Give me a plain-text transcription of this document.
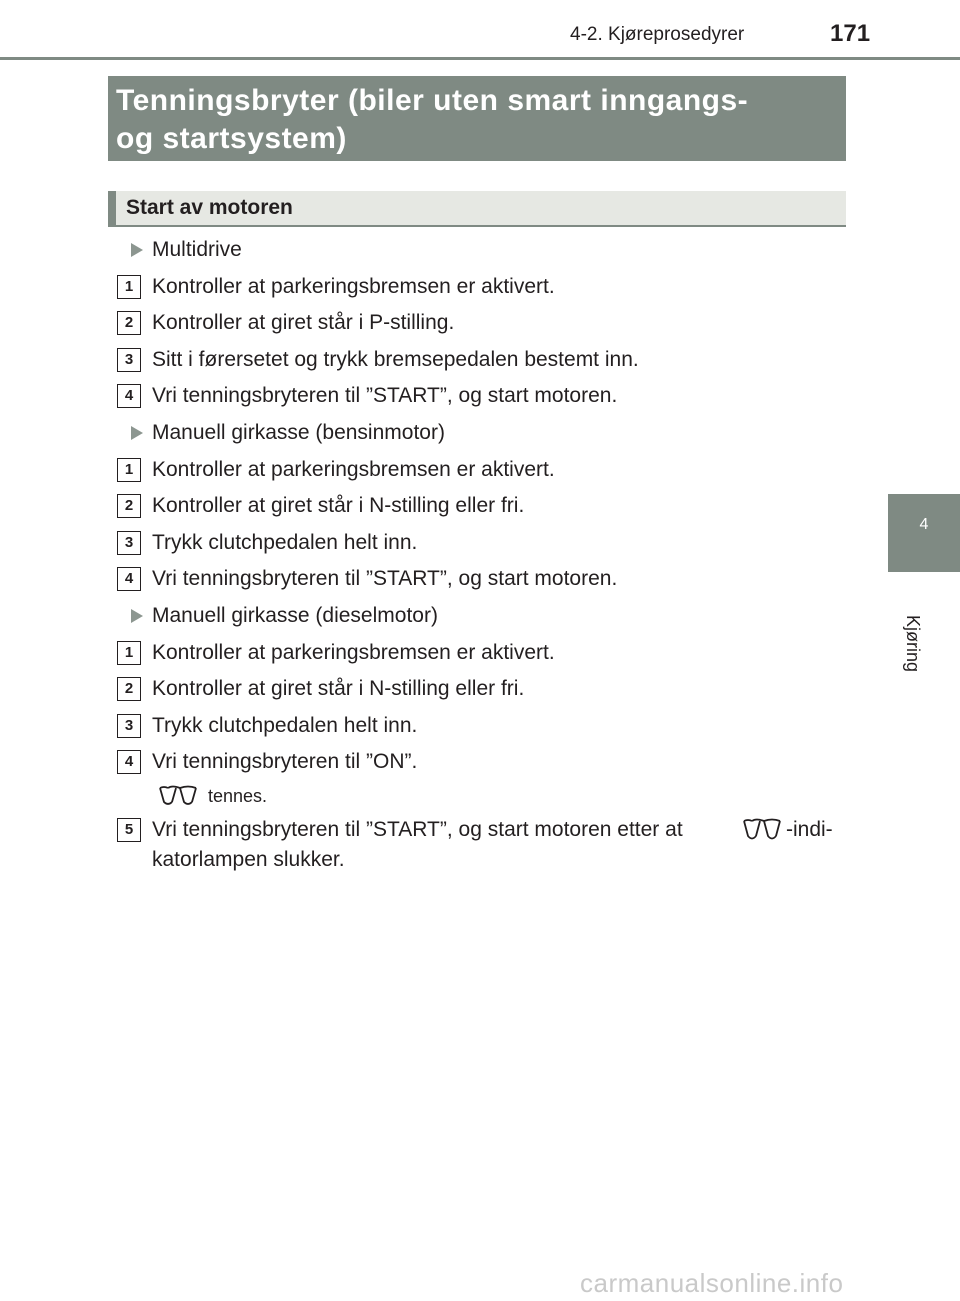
4-2. Kjøreprosedyrer	171
4
Kjøring
Tenningsbryter (biler uten smart inngangs-
og startsystem)
Start av motoren
Multidrive
1 Kontroller at parkeringsbremsen er aktivert.
2 Kontroller at giret står i P-stilling.
3 Sitt i førersetet og trykk bremsepedalen bestemt inn.
4 Vri tenningsbryteren til ”START”, og start motoren.
Manuell girkasse (bensinmotor)
1 Kontroller at parkeringsbremsen er aktivert.
2 Kontroller at giret står i N-stilling eller fri.
3 Trykk clutchpedalen helt inn.
4 Vri tenningsbryteren til ”START”, og start motoren.
Manuell girkasse (dieselmotor)
1 Kontroller at parkeringsbremsen er aktivert.
2 Kontroller at giret står i N-stilling eller fri.
3 Trykk clutchpedalen helt inn.
4 Vri tenningsbryteren til ”ON”.
tennes.
5 Vri tenningsbryteren til ”START”, og start motoren etter at	-indi-
katorlampen slukker.
carmanualsonline.info
